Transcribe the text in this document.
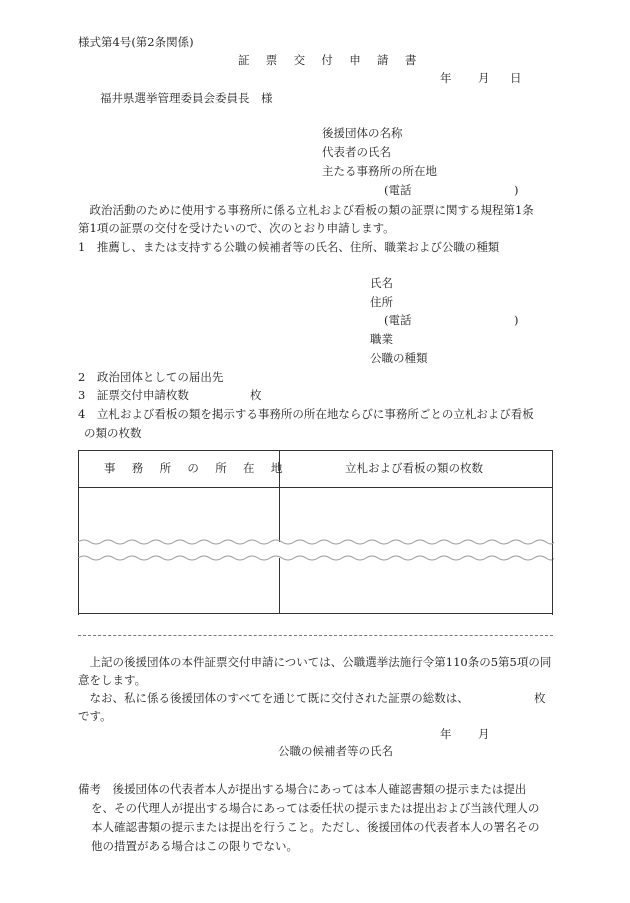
様式第4号(第2条関係)
証 票 交 付 申 請 書
年 月 日
福井県選挙管理委員会委員長　様
後援団体の名称
代表者の氏名
主たる事務所の所在地
(電話	)
　政治活動のために使用する事務所に係る立札および看板の類の証票に関する規程第1条
第1項の証票の交付を受けたいので、次のとおり申請します。
1　推薦し、または支持する公職の候補者等の氏名、住所、職業および公職の種類
氏名
住所
(電話	)
職業
公職の種類
2　政治団体としての届出先
3　証票交付申請枚数	枚
4　立札および看板の類を掲示する事務所の所在地ならびに事務所ごとの立札および看板
の類の枚数
事 務 所 の 所 在 地	立札および看板の類の枚数
　上記の後援団体の本件証票交付申請については、公職選挙法施行令第110条の5第5項の同
意をします。
　なお、私に係る後援団体のすべてを通じて既に交付された証票の総数は、	枚
です。
年 月
公職の候補者等の氏名
備考　後援団体の代表者本人が提出する場合にあっては本人確認書類の提示または提出
を、その代理人が提出する場合にあっては委任状の提示または提出および当該代理人の
本人確認書類の提示または提出を行うこと。ただし、後援団体の代表者本人の署名その
他の措置がある場合はこの限りでない。
